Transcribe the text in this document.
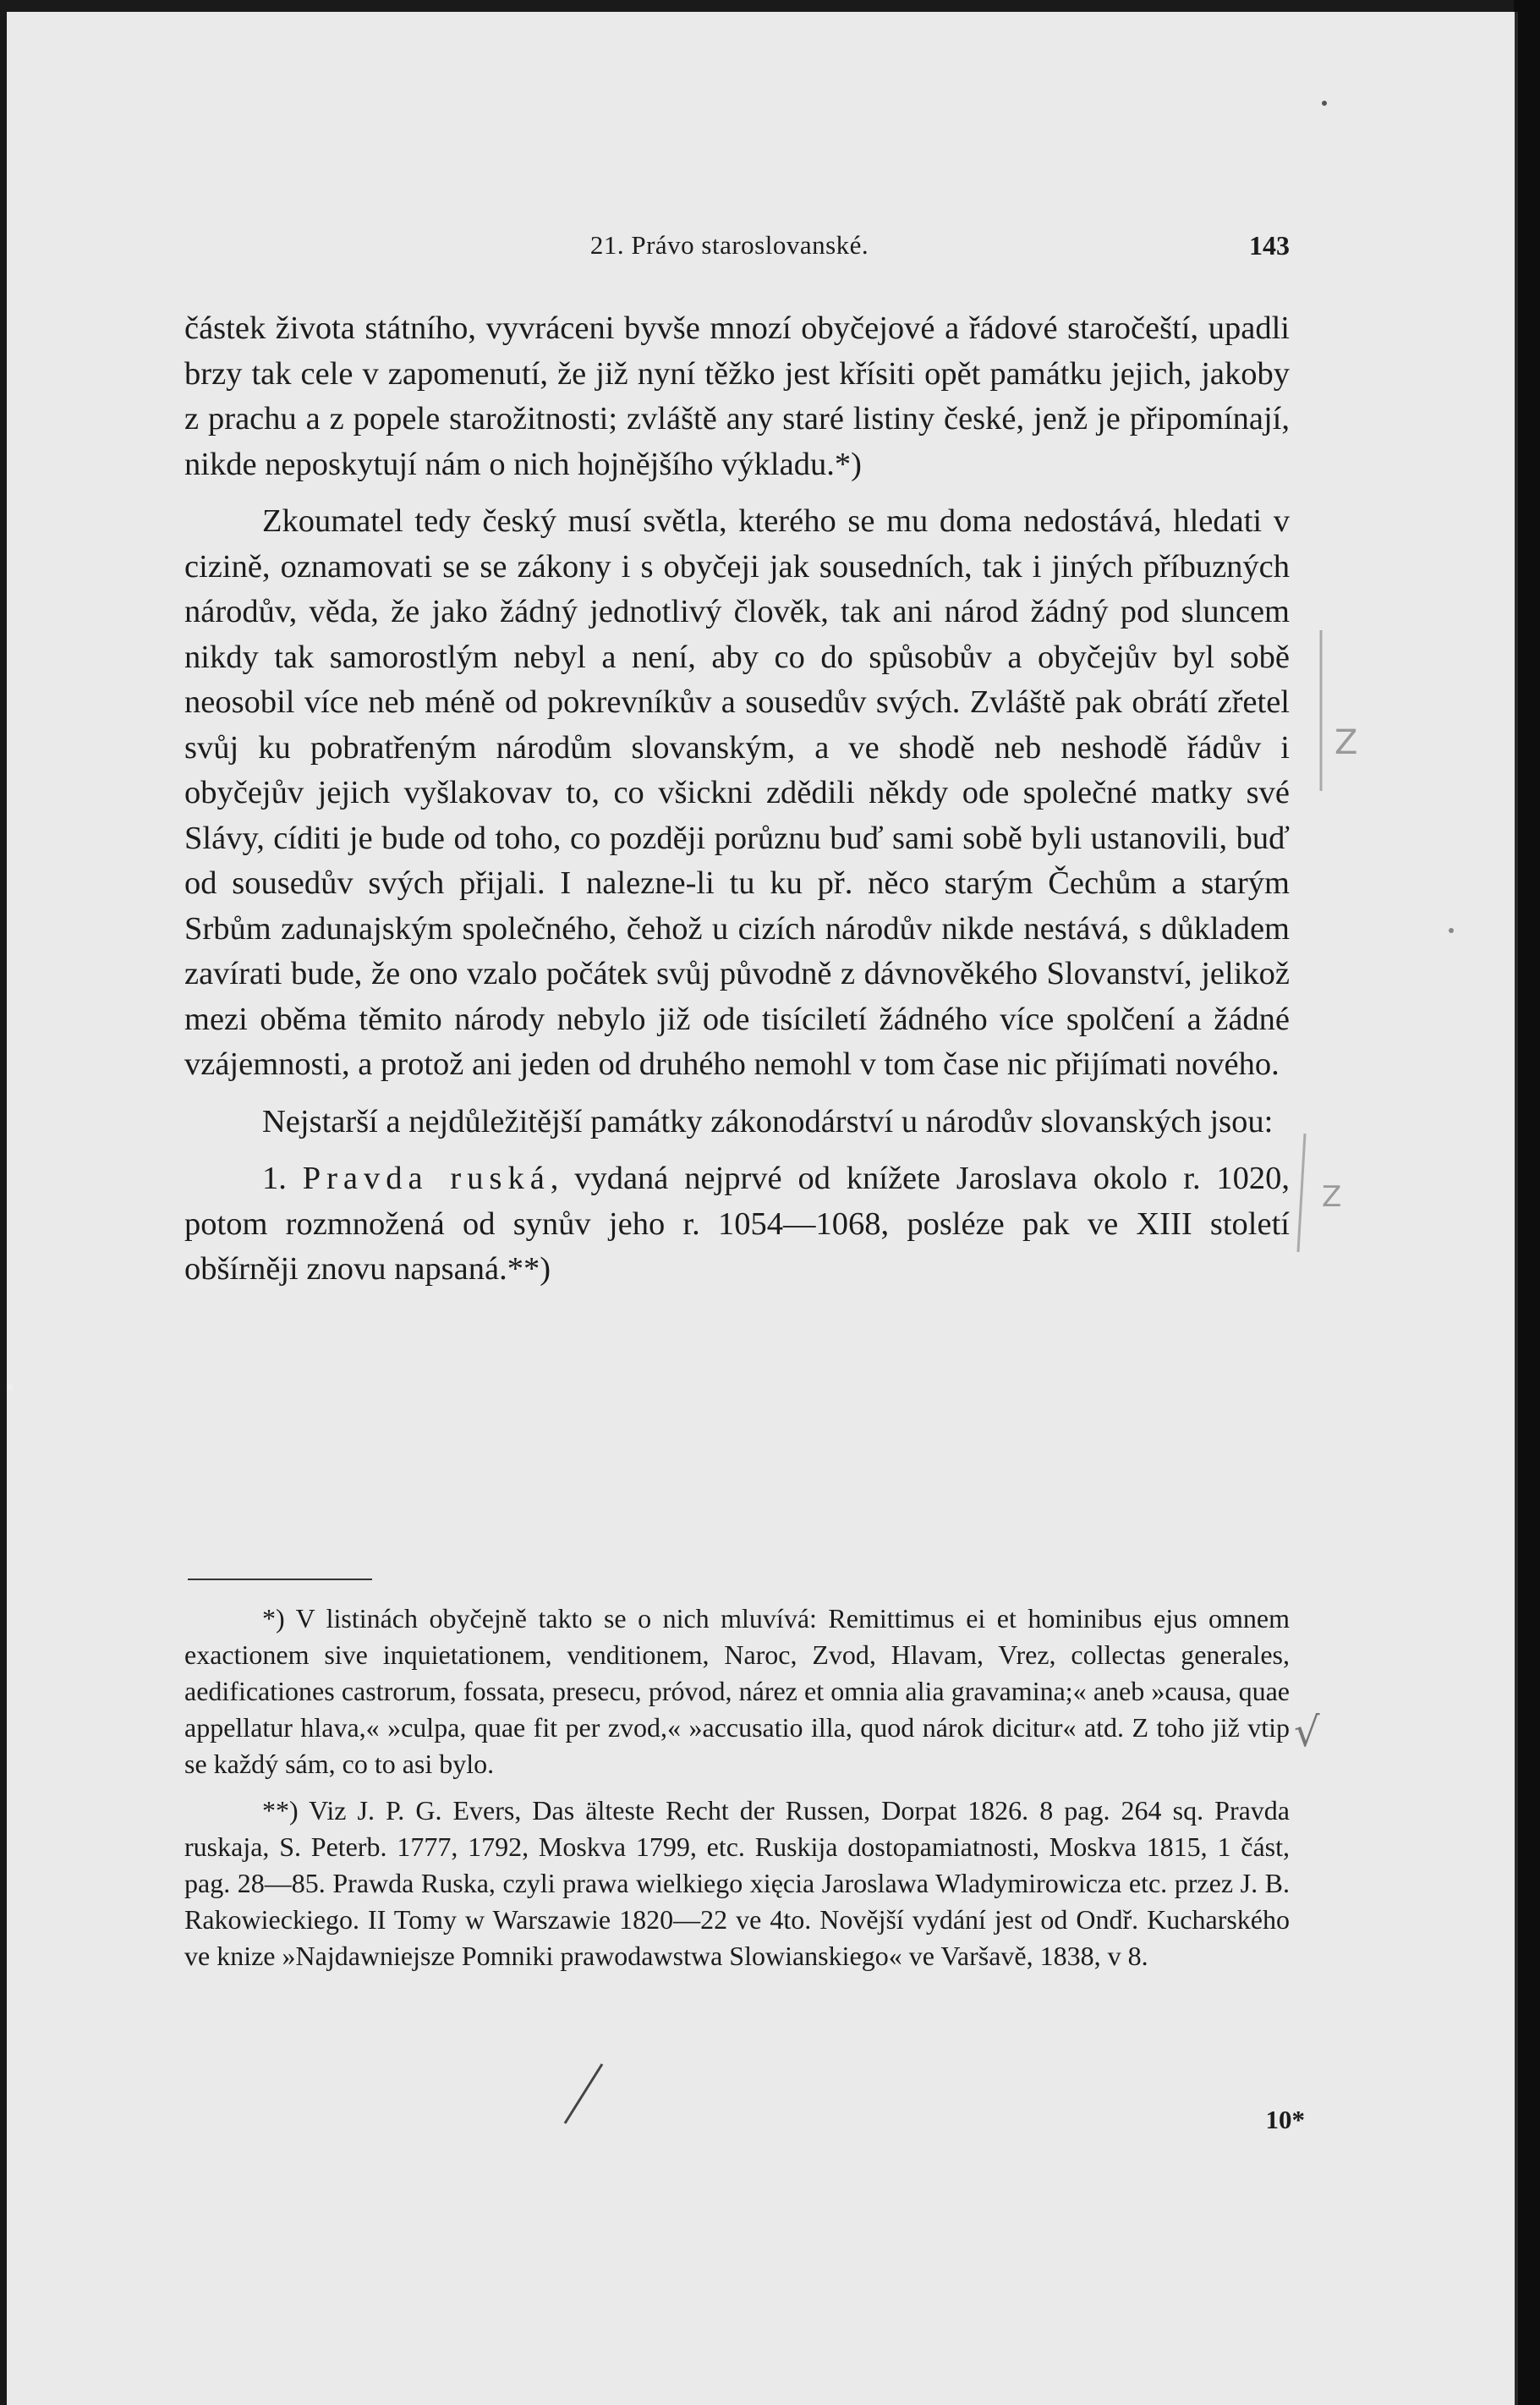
21. Právo staroslovanské.	143

částek života státního, vyvráceni byvše mnozí obyčejové a řádové staročeští, upadli brzy tak cele v zapomenutí, že již nyní těžko jest křísiti opět památku jejich, jakoby z prachu a z popele starožitnosti; zvláště any staré listiny české, jenž je připomínají, nikde neposkytují nám o nich hojnějšího výkladu.*)

Zkoumatel tedy český musí světla, kterého se mu doma nedostává, hledati v cizině, oznamovati se se zákony i s obyčeji jak sousedních, tak i jiných příbuzných národův, věda, že jako žádný jednotlivý člověk, tak ani národ žádný pod sluncem nikdy tak samorostlým nebyl a není, aby co do spůsobův a obyčejův byl sobě neosobil více neb méně od pokrevníkův a sousedův svých. Zvláště pak obrátí zřetel svůj ku pobratřeným národům slovanským, a ve shodě neb neshodě řádův i obyčejův jejich vyšlakovav to, co všickni zdědili někdy ode společné matky své Slávy, cíditi je bude od toho, co později porůznu buď sami sobě byli ustanovili, buď od sousedův svých přijali. I nalezne-li tu ku př. něco starým Čechům a starým Srbům zadunajským společného, čehož u cizích národův nikde nestává, s důkladem zavírati bude, že ono vzalo počátek svůj původně z dávnověkého Slovanství, jelikož mezi oběma těmito národy nebylo již ode tisíciletí žádného více spolčení a žádné vzájemnosti, a protož ani jeden od druhého nemohl v tom čase nic přijímati nového.

Nejstarší a nejdůležitější památky zákonodárství u národův slovanských jsou:

1. Pravda ruská, vydaná nejprvé od knížete Jaroslava okolo r. 1020, potom rozmnožená od synův jeho r. 1054—1068, posléze pak ve XIII století obšírněji znovu napsaná.**)

*) V listinách obyčejně takto se o nich mluvívá: Remittimus ei et hominibus ejus omnem exactionem sive inquietationem, venditionem, Naroc, Zvod, Hlavam, Vrez, collectas generales, aedificationes castrorum, fossata, presecu, próvod, nárez et omnia alia gravamina;« aneb »causa, quae appellatur hlava,« »culpa, quae fit per zvod,« »accusatio illa, quod nárok dicitur« atd. Z toho již vtip se každý sám, co to asi bylo.

**) Viz J. P. G. Evers, Das älteste Recht der Russen, Dorpat 1826. 8 pag. 264 sq. Pravda ruskaja, S. Peterb. 1777, 1792, Moskva 1799, etc. Ruskija dostopamiatnosti, Moskva 1815, 1 část, pag. 28—85. Prawda Ruska, czyli prawa wielkiego xięcia Jaroslawa Wladymirowicza etc. przez J. B. Rakowieckiego. II Tomy w Warszawie 1820—22 ve 4to. Novější vydání jest od Ondř. Kucharského ve knize »Najdawniejsze Pomniki prawodawstwa Slowianskiego« ve Varšavě, 1838, v 8.

10*
Z
Z
√
